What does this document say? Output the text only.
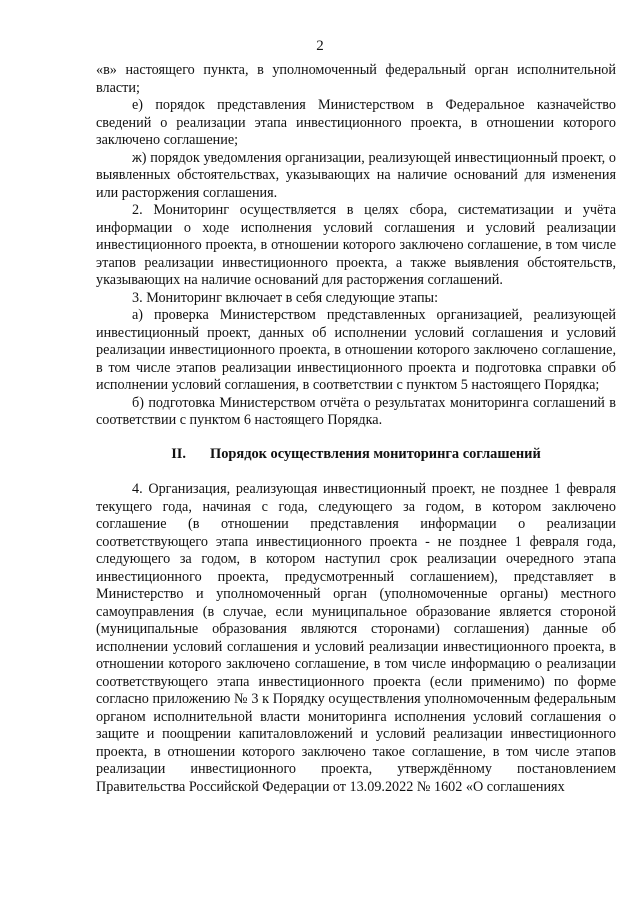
2

«в» настоящего пункта, в уполномоченный федеральный орган исполнительной власти;

е) порядок представления Министерством в Федеральное казначейство сведений о реализации этапа инвестиционного проекта, в отношении которого заключено соглашение;

ж) порядок уведомления организации, реализующей инвестиционный проект, о выявленных обстоятельствах, указывающих на наличие оснований для изменения или расторжения соглашения.

2. Мониторинг осуществляется в целях сбора, систематизации и учёта информации о ходе исполнения условий соглашения и условий реализации инвестиционного проекта, в отношении которого заключено соглашение, в том числе этапов реализации инвестиционного проекта, а также выявления обстоятельств, указывающих на наличие оснований для расторжения соглашений.

3. Мониторинг включает в себя следующие этапы:

а) проверка Министерством представленных организацией, реализующей инвестиционный проект, данных об исполнении условий соглашения и условий реализации инвестиционного проекта, в отношении которого заключено соглашение, в том числе этапов реализации инвестиционного проекта и подготовка справки об исполнении условий соглашения, в соответствии с пунктом 5 настоящего Порядка;

б) подготовка Министерством отчёта о результатах мониторинга соглашений в соответствии с пунктом 6 настоящего Порядка.

II. Порядок осуществления мониторинга соглашений

4. Организация, реализующая инвестиционный проект, не позднее 1 февраля текущего года, начиная с года, следующего за годом, в котором заключено соглашение (в отношении представления информации о реализации соответствующего этапа инвестиционного проекта - не позднее 1 февраля года, следующего за годом, в котором наступил срок реализации очередного этапа инвестиционного проекта, предусмотренный соглашением), представляет в Министерство и уполномоченный орган (уполномоченные органы) местного самоуправления (в случае, если муниципальное образование является стороной (муниципальные образования являются сторонами) соглашения) данные об исполнении условий соглашения и условий реализации инвестиционного проекта, в отношении которого заключено соглашение, в том числе информацию о реализации соответствующего этапа инвестиционного проекта (если применимо) по форме согласно приложению № 3 к Порядку осуществления уполномоченным федеральным органом исполнительной власти мониторинга исполнения условий соглашения о защите и поощрении капиталовложений и условий реализации инвестиционного проекта, в отношении которого заключено такое соглашение, в том числе этапов реализации инвестиционного проекта, утверждённому постановлением Правительства Российской Федерации от 13.09.2022 № 1602 «О соглашениях
